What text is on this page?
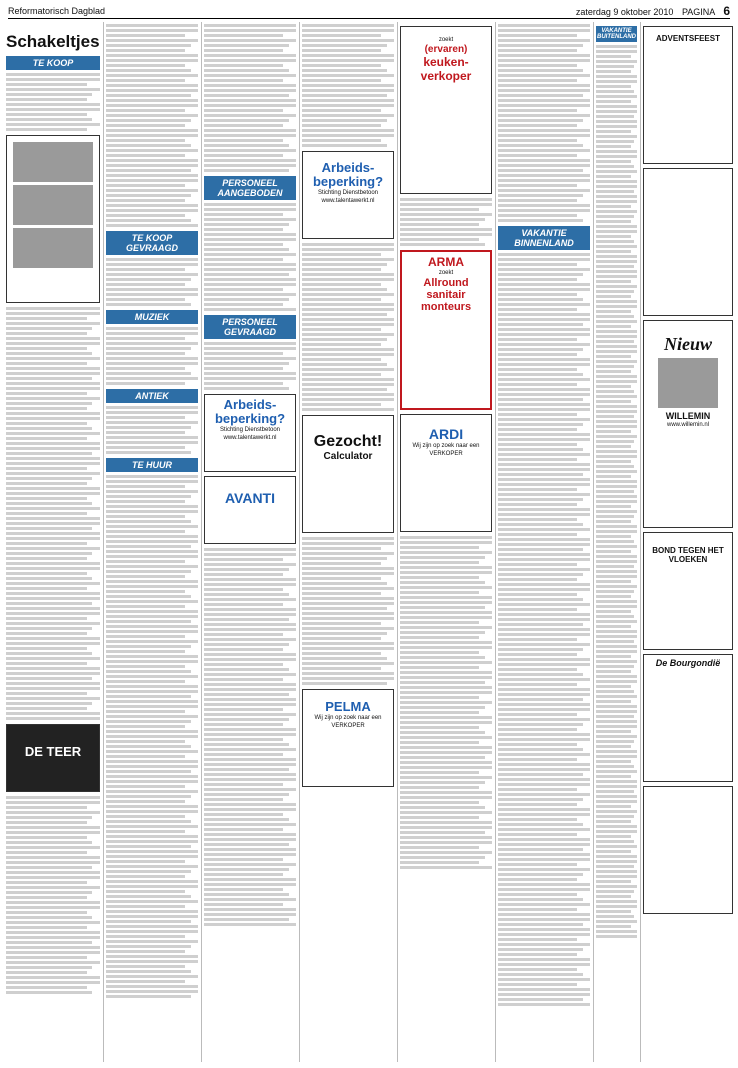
Reformatorisch Dagblad	zaterdag 9 oktober 2010 PAGINA 6
Schakeltjes
TE KOOP
DE TEER
TE KOOP GEVRAAGD
MUZIEK
ANTIEK
TE HUUR
PERSONEEL AANGEBODEN
PERSONEEL GEVRAAGD
Arbeids-beperking?
Stichting Dienstbetoon
www.talentawerkt.nl
AVANTI
Arbeids-beperking?
Stichting Dienstbetoon
www.talentawerkt.nl
Gezocht!
Calculator
PELMA
Wij zijn op zoek naar een VERKOPER
zoekt
(ervaren)
keuken-verkoper
ARMA
zoekt
Allround sanitair monteurs
ARDI
Wij zijn op zoek naar een VERKOPER
VAKANTIE BINNENLAND
VAKANTIE BUITENLAND	ADVENTSFEEST
Nieuw
WILLEMIN
www.willemin.nl
BOND TEGEN HET VLOEKEN
De Bourgondië
